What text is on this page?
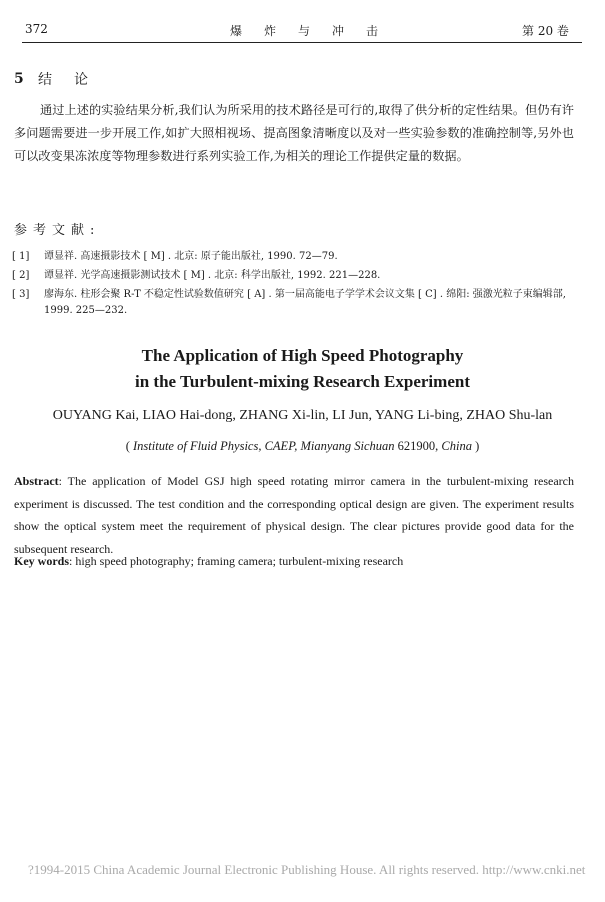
372	爆炸与冲击	第 20 卷
5 结论
通过上述的实验结果分析,我们认为所采用的技术路径是可行的,取得了供分析的定性结果。但仍有许多问题需要进一步开展工作,如扩大照相视场、提高图象清晰度以及对一些实验参数的准确控制等,另外也可以改变果冻浓度等物理参数进行系列实验工作,为相关的理论工作提供定量的数据。
参考文献:
[ 1]	谭显祥. 高速摄影技术 [ M] . 北京: 原子能出版社, 1990. 72—79.
[ 2]	谭显祥. 光学高速摄影测试技术 [ M] . 北京: 科学出版社, 1992. 221—228.
[ 3]	廖海东. 柱形会聚 R-T 不稳定性试验数值研究 [ A] . 第一届高能电子学学术会议文集 [ C] . 绵阳: 强激光粒子束编辑部, 1999. 225—232.
The Application of High Speed Photography
in the Turbulent-mixing Research Experiment
OUYANG Kai, LIAO Hai-dong, ZHANG Xi-lin, LI Jun, YANG Li-bing, ZHAO Shu-lan
( Institute of Fluid Physics, CAEP, Mianyang Sichuan 621900, China )
Abstract: The application of Model GSJ high speed rotating mirror camera in the turbulent-mixing research experiment is discussed. The test condition and the corresponding optical design are given. The experiment results show the optical system meet the requirement of physical design. The clear pictures provide good data for the subsequent research.
Key words: high speed photography; framing camera; turbulent-mixing research
?1994-2015 China Academic Journal Electronic Publishing House. All rights reserved. http://www.cnki.net
